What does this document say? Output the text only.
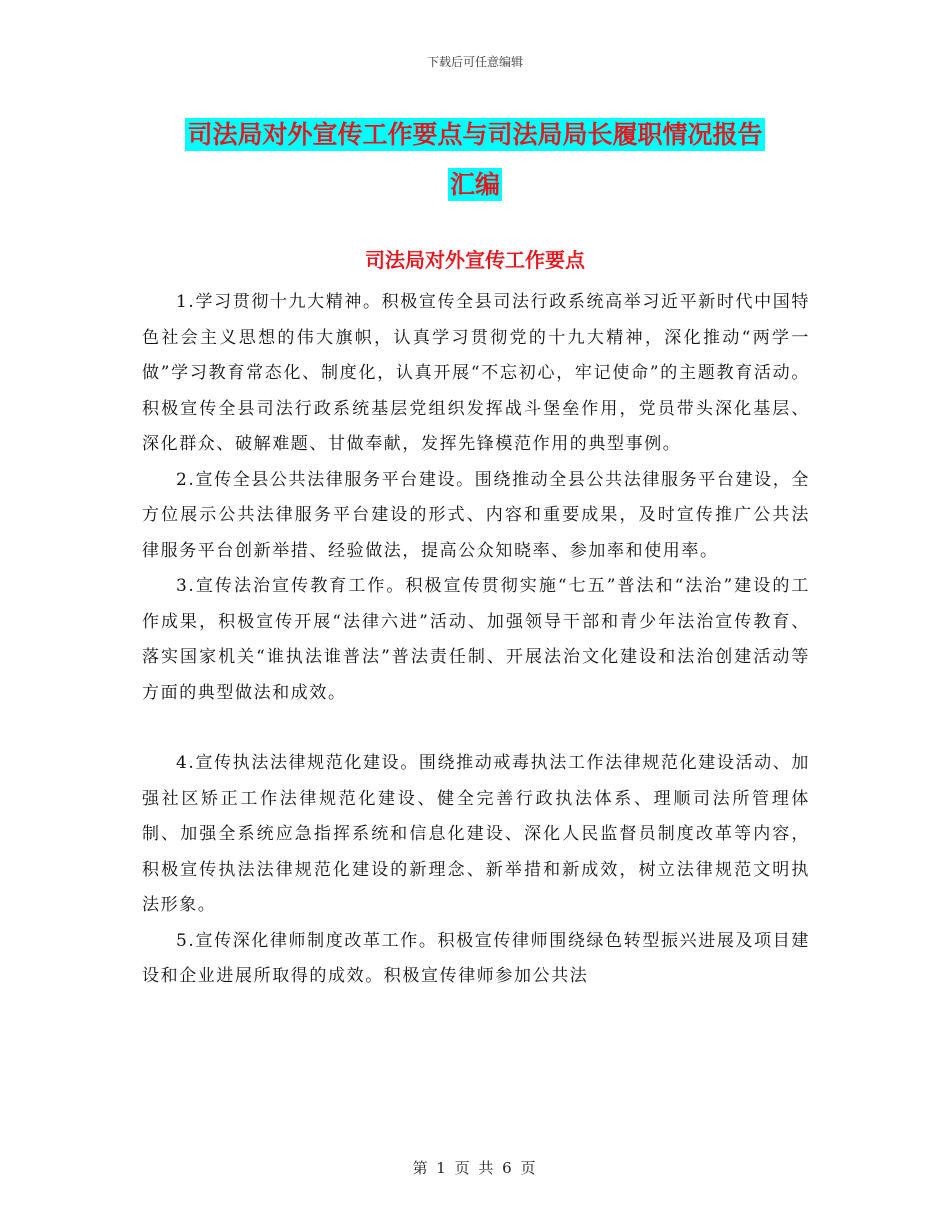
下载后可任意编辑
司法局对外宣传工作要点与司法局局长履职情况报告
汇编
司法局对外宣传工作要点

1.学习贯彻十九大精神。积极宣传全县司法行政系统高举习近平新时代中国特色社会主义思想的伟大旗帜，认真学习贯彻党的十九大精神，深化推动“两学一做”学习教育常态化、制度化，认真开展“不忘初心，牢记使命”的主题教育活动。积极宣传全县司法行政系统基层党组织发挥战斗堡垒作用，党员带头深化基层、深化群众、破解难题、甘做奉献，发挥先锋模范作用的典型事例。

2.宣传全县公共法律服务平台建设。围绕推动全县公共法律服务平台建设，全方位展示公共法律服务平台建设的形式、内容和重要成果，及时宣传推广公共法律服务平台创新举措、经验做法，提高公众知晓率、参加率和使用率。

3.宣传法治宣传教育工作。积极宣传贯彻实施“七五”普法和“法治”建设的工作成果，积极宣传开展“法律六进”活动、加强领导干部和青少年法治宣传教育、落实国家机关“谁执法谁普法”普法责任制、开展法治文化建设和法治创建活动等方面的典型做法和成效。

4.宣传执法法律规范化建设。围绕推动戒毒执法工作法律规范化建设活动、加强社区矫正工作法律规范化建设、健全完善行政执法体系、理顺司法所管理体制、加强全系统应急指挥系统和信息化建设、深化人民监督员制度改革等内容，积极宣传执法法律规范化建设的新理念、新举措和新成效，树立法律规范文明执法形象。

5.宣传深化律师制度改革工作。积极宣传律师围绕绿色转型振兴进展及项目建设和企业进展所取得的成效。积极宣传律师参加公共法

第 1 页 共 6 页
